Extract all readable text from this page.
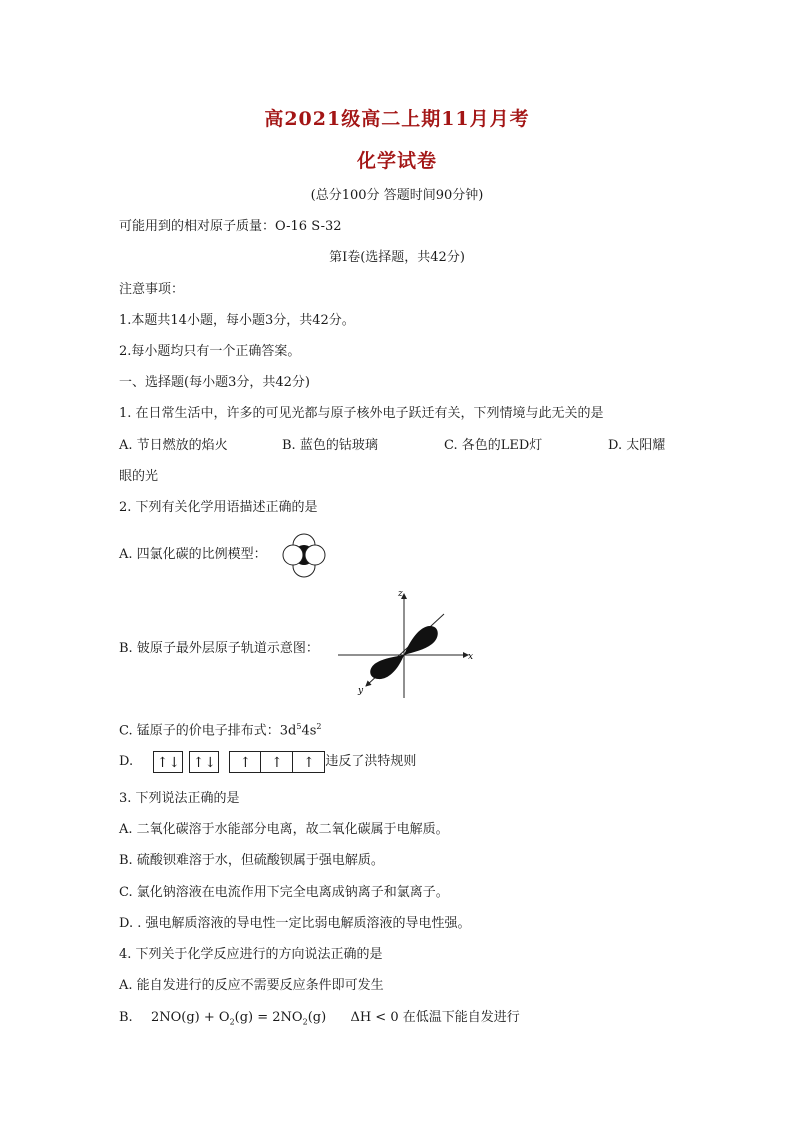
高2021级高二上期11月月考
化学试卷
(总分100分 答题时间90分钟)
可能用到的相对原子质量：O-16 S-32
第Ⅰ卷(选择题，共42分)
注意事项：
1.本题共14小题，每小题3分，共42分。
2.每小题均只有一个正确答案。
一、选择题(每小题3分，共42分)
1. 在日常生活中，许多的可见光都与原子核外电子跃迁有关，下列情境与此无关的是
A. 节日燃放的焰火	B. 蓝色的钴玻璃	C. 各色的LED灯	D. 太阳耀
眼的光
2. 下列有关化学用语描述正确的是
A. 四氯化碳的比例模型：
B. 铍原子最外层原子轨道示意图：
z
x
y
C. 锰原子的价电子排布式：$3d^54s^2$
D. ↑↓ ↑↓ ↑ ↑ ↑ 违反了洪特规则
3. 下列说法正确的是
A. 二氧化碳溶于水能部分电离，故二氧化碳属于电解质。
B. 硫酸钡难溶于水，但硫酸钡属于强电解质。
C. 氯化钠溶液在电流作用下完全电离成钠离子和氯离子。
D. . 强电解质溶液的导电性一定比弱电解质溶液的导电性强。
4. 下列关于化学反应进行的方向说法正确的是
A. 能自发进行的反应不需要反应条件即可发生
B. $2NO(g) + O_2(g) = 2NO_2(g) \Delta H < 0$ 在低温下能自发进行
